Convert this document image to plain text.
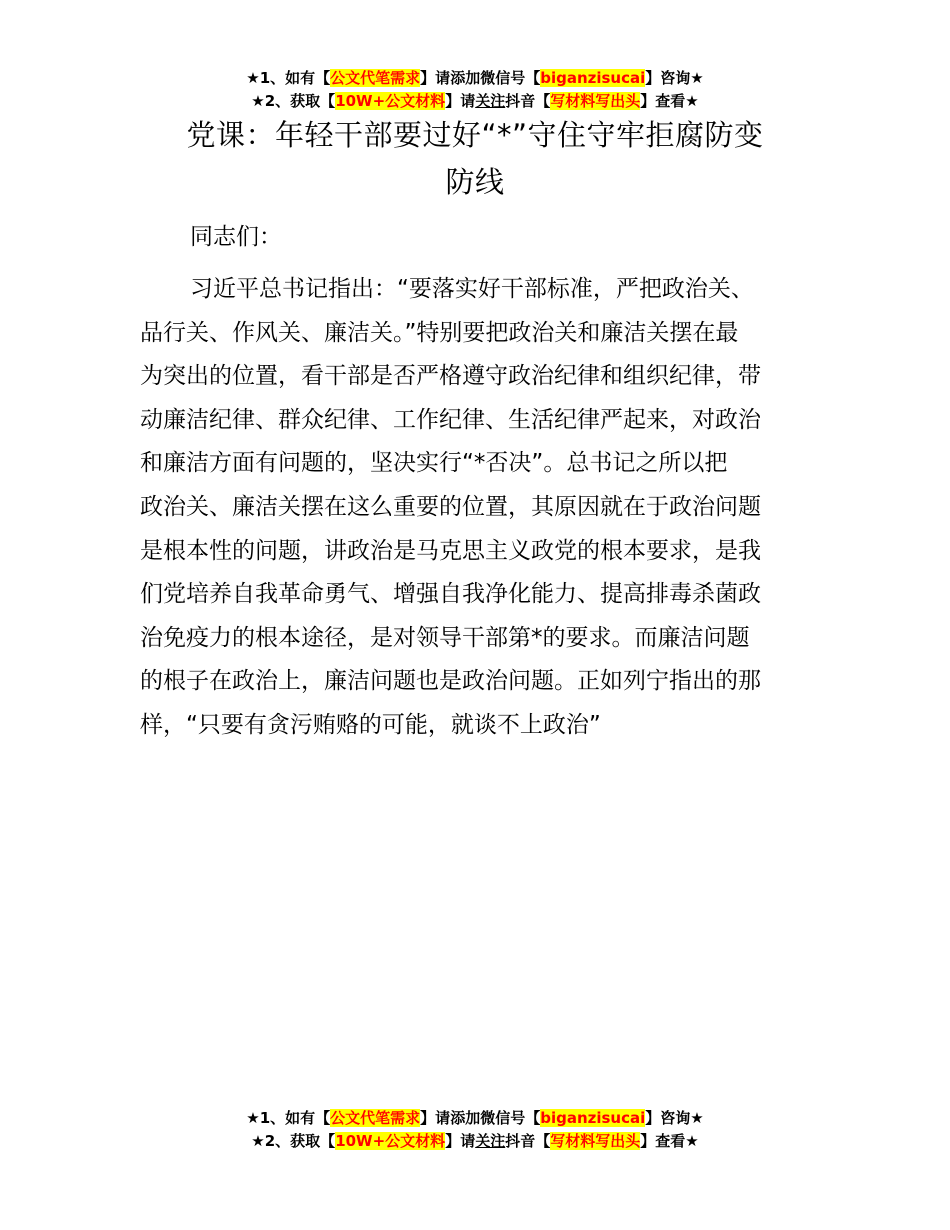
★1、如有【公文代笔需求】请添加微信号【biganzisucai】咨询★
★2、获取【10W+公文材料】请关注抖音【写材料写出头】查看★
党课：年轻干部要过好“*”守住守牢拒腐防变
防线
同志们：
习近平总书记指出：“要落实好干部标准，严把政治关、
品行关、作风关、廉洁关。”特别要把政治关和廉洁关摆在最
为突出的位置，看干部是否严格遵守政治纪律和组织纪律，带
动廉洁纪律、群众纪律、工作纪律、生活纪律严起来，对政治
和廉洁方面有问题的，坚决实行“*否决”。总书记之所以把
政治关、廉洁关摆在这么重要的位置，其原因就在于政治问题
是根本性的问题，讲政治是马克思主义政党的根本要求，是我
们党培养自我革命勇气、增强自我净化能力、提高排毒杀菌政
治免疫力的根本途径，是对领导干部第*的要求。而廉洁问题
的根子在政治上，廉洁问题也是政治问题。正如列宁指出的那
样，“只要有贪污贿赂的可能，就谈不上政治”
★1、如有【公文代笔需求】请添加微信号【biganzisucai】咨询★
★2、获取【10W+公文材料】请关注抖音【写材料写出头】查看★
